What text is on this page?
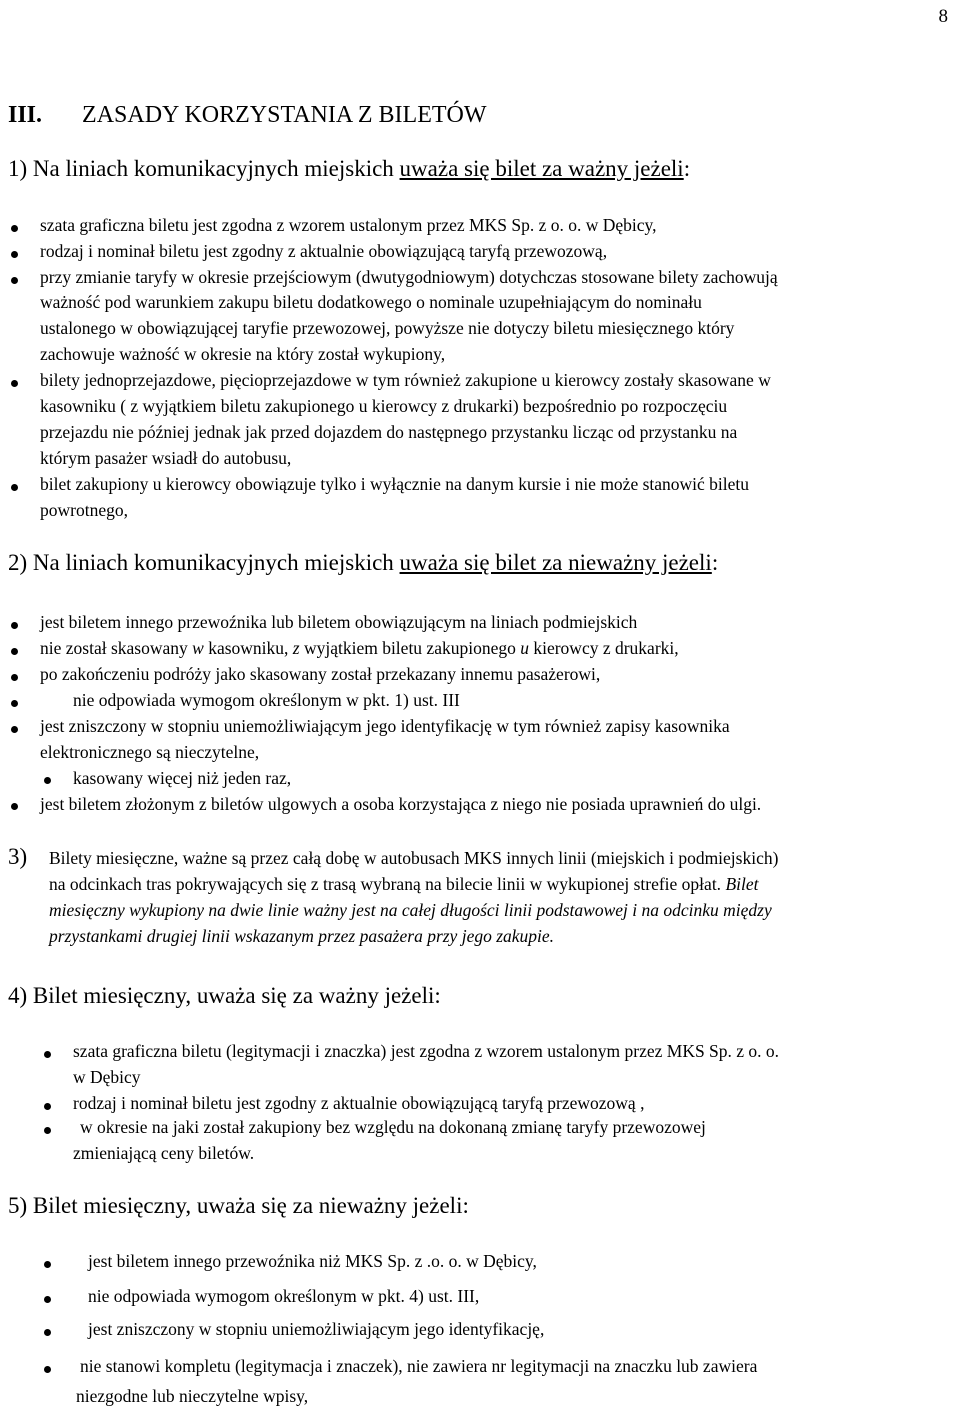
8
III. ZASADY KORZYSTANIA Z BILETÓW
1) Na liniach komunikacyjnych miejskich uważa się bilet za ważny jeżeli:
szata graficzna biletu jest zgodna z wzorem ustalonym przez MKS Sp. z o. o. w Dębicy,
rodzaj i nominał biletu jest zgodny z aktualnie obowiązującą taryfą przewozową,
przy zmianie taryfy w okresie przejściowym (dwutygodniowym) dotychczas stosowane bilety zachowują
ważność pod warunkiem zakupu biletu dodatkowego o nominale uzupełniającym do nominału
ustalonego w obowiązującej taryfie przewozowej, powyższe nie dotyczy biletu miesięcznego który
zachowuje ważność w okresie na który został wykupiony,
bilety jednoprzejazdowe, pięcioprzejazdowe w tym również zakupione u kierowcy zostały skasowane w
kasowniku ( z wyjątkiem biletu zakupionego u kierowcy z drukarki) bezpośrednio po rozpoczęciu
przejazdu nie później jednak jak przed dojazdem do następnego przystanku licząc od przystanku na
którym pasażer wsiadł do autobusu,
bilet zakupiony u kierowcy obowiązuje tylko i wyłącznie na danym kursie i nie może stanowić biletu
powrotnego,
2) Na liniach komunikacyjnych miejskich uważa się bilet za nieważny jeżeli:
jest biletem innego przewoźnika lub biletem obowiązującym na liniach podmiejskich
nie został skasowany w kasowniku, z wyjątkiem biletu zakupionego u kierowcy z drukarki,
po zakończeniu podróży jako skasowany został przekazany innemu pasażerowi,
nie odpowiada wymogom określonym w pkt. 1) ust. III
jest zniszczony w stopniu uniemożliwiającym jego identyfikację w tym również zapisy kasownika
elektronicznego są nieczytelne,
kasowany więcej niż jeden raz,
jest biletem złożonym z biletów ulgowych a osoba korzystająca z niego nie posiada uprawnień do ulgi.
3) Bilety miesięczne, ważne są przez całą dobę w autobusach MKS innych linii (miejskich i podmiejskich)
na odcinkach tras pokrywających się z trasą wybraną na bilecie linii w wykupionej strefie opłat. Bilet
miesięczny wykupiony na dwie linie ważny jest na całej długości linii podstawowej i na odcinku między
przystankami drugiej linii wskazanym przez pasażera przy jego zakupie.
4) Bilet miesięczny, uważa się za ważny jeżeli:
szata graficzna biletu (legitymacji i znaczka) jest zgodna z wzorem ustalonym przez MKS Sp. z o. o.
w Dębicy
rodzaj i nominał biletu jest zgodny z aktualnie obowiązującą taryfą przewozową ,
w okresie na jaki został zakupiony bez względu na dokonaną zmianę taryfy przewozowej
zmieniającą ceny biletów.
5) Bilet miesięczny, uważa się za nieważny jeżeli:
jest biletem innego przewoźnika niż MKS Sp. z .o. o. w Dębicy,
nie odpowiada wymogom określonym w pkt. 4) ust. III,
jest zniszczony w stopniu uniemożliwiającym jego identyfikację,
nie stanowi kompletu (legitymacja i znaczek), nie zawiera nr legitymacji na znaczku lub zawiera
niezgodne lub nieczytelne wpisy,
